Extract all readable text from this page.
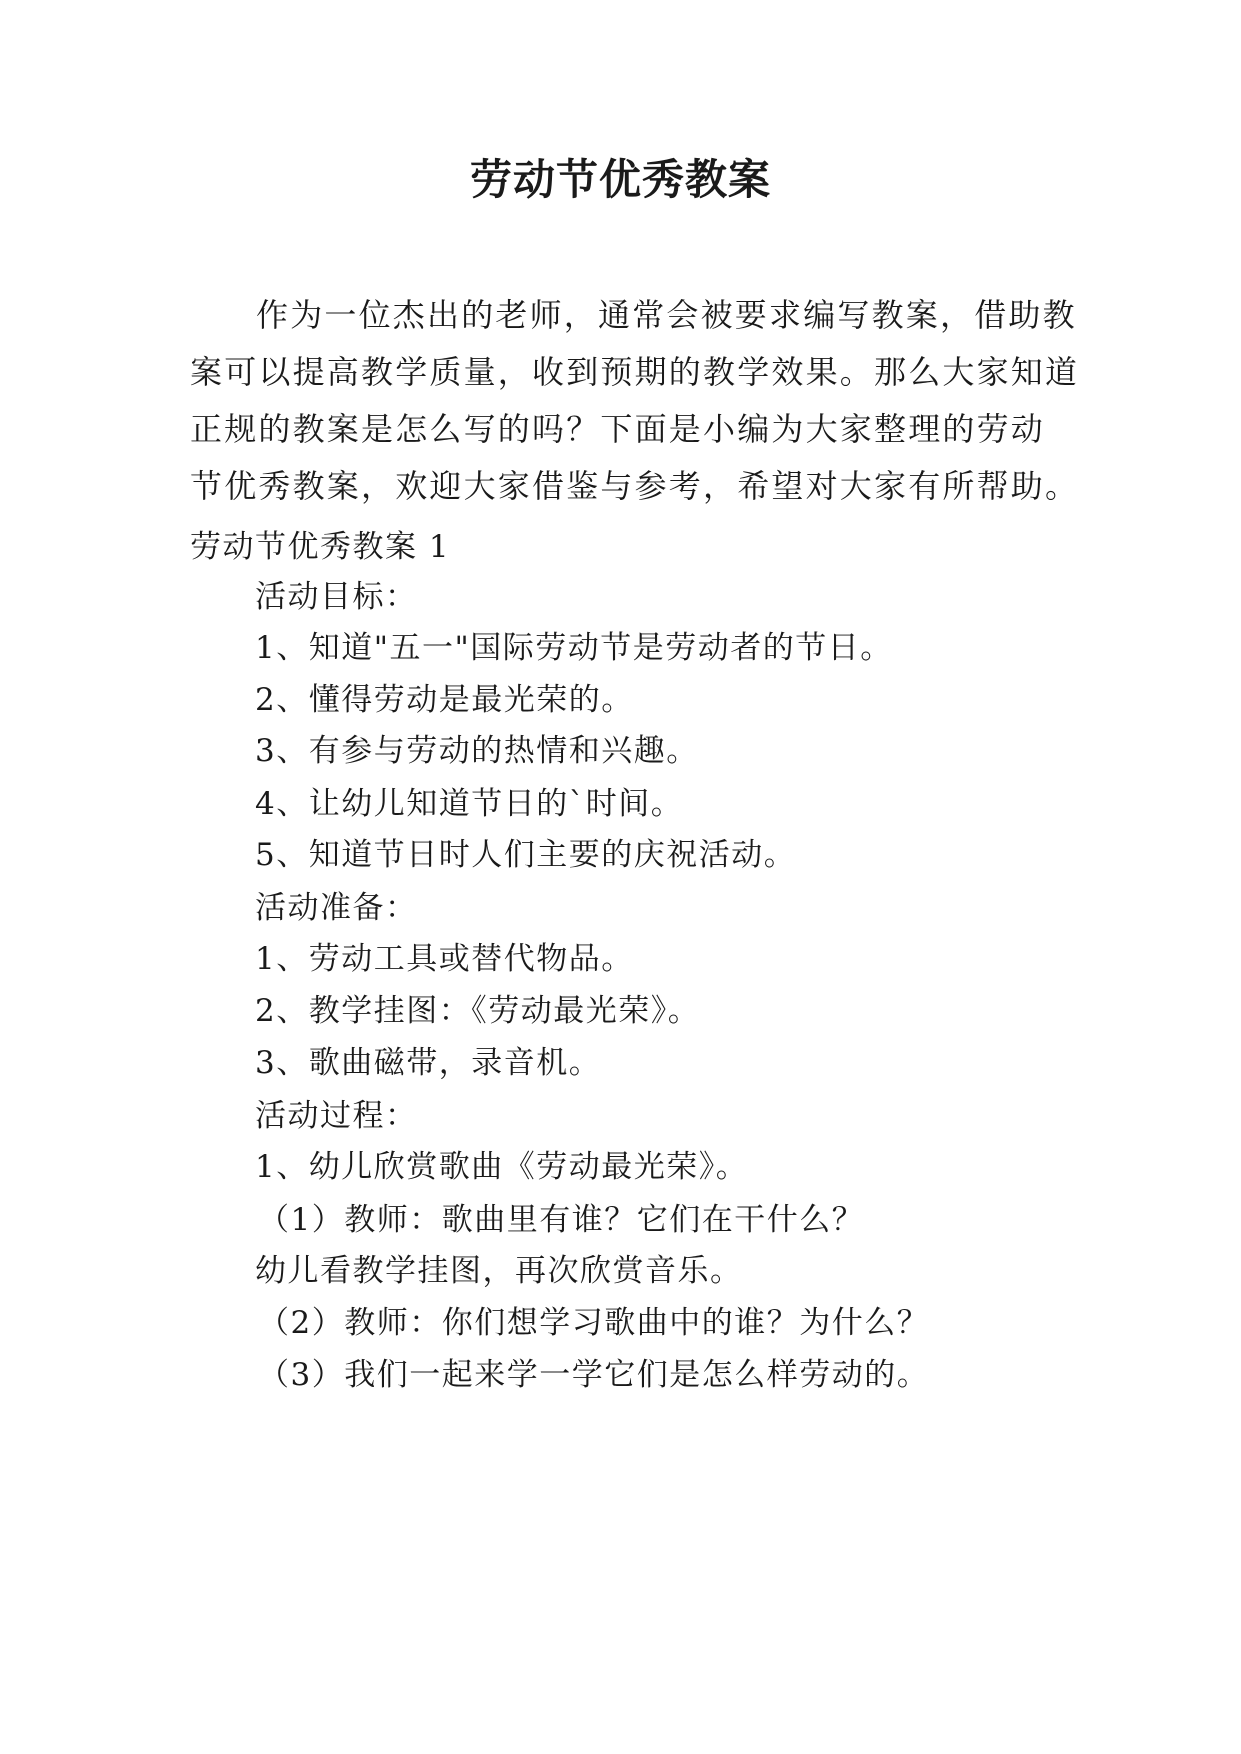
劳动节优秀教案
作为一位杰出的老师，通常会被要求编写教案，借助教
案可以提高教学质量，收到预期的教学效果。那么大家知道
正规的教案是怎么写的吗？下面是小编为大家整理的劳动
节优秀教案，欢迎大家借鉴与参考，希望对大家有所帮助。
劳动节优秀教案 1
活动目标：
1、知道"五一"国际劳动节是劳动者的节日。
2、懂得劳动是最光荣的。
3、有参与劳动的热情和兴趣。
4、让幼儿知道节日的`时间。
5、知道节日时人们主要的庆祝活动。
活动准备：
1、劳动工具或替代物品。
2、教学挂图：《劳动最光荣》。
3、歌曲磁带，录音机。
活动过程：
1、幼儿欣赏歌曲《劳动最光荣》。
（1）教师：歌曲里有谁？它们在干什么？
幼儿看教学挂图，再次欣赏音乐。
（2）教师：你们想学习歌曲中的谁？为什么？
（3）我们一起来学一学它们是怎么样劳动的。
